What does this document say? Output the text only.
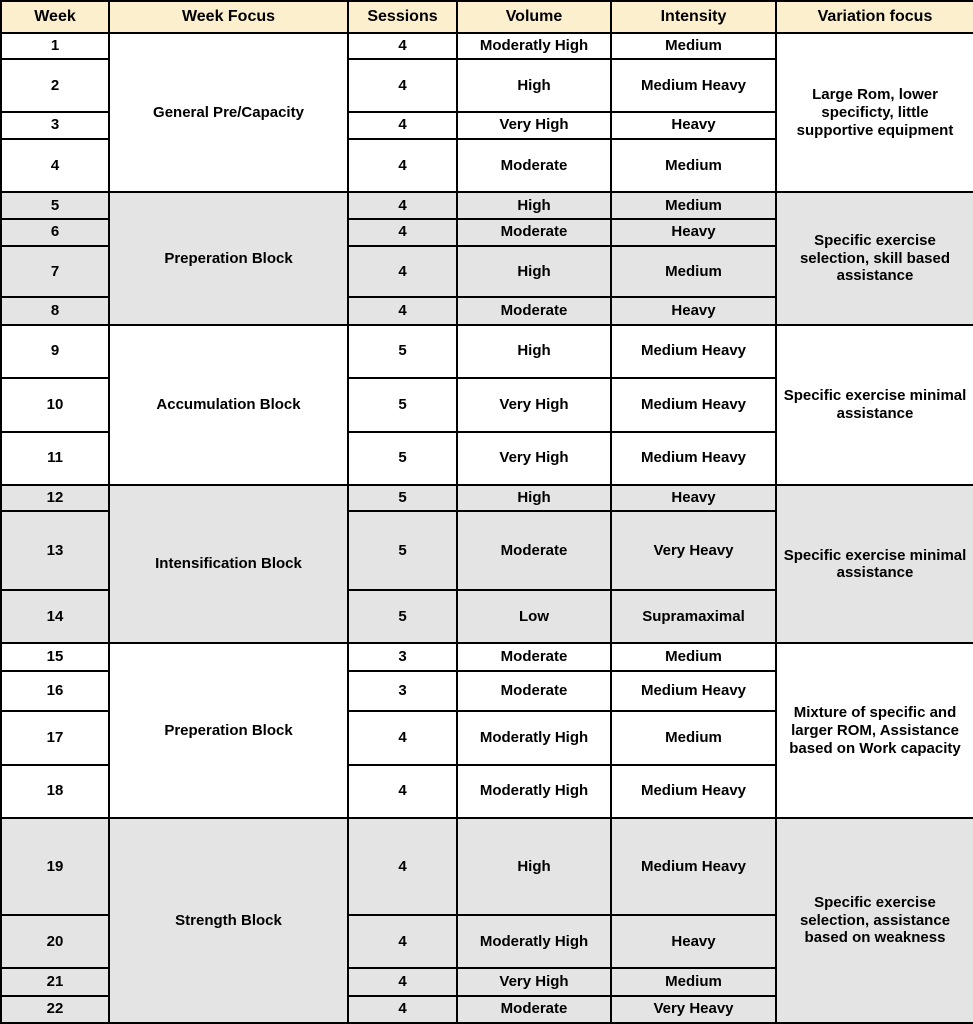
Week	Week Focus	Sessions	Volume	Intensity	Variation focus
1	General Pre/Capacity	4	Moderatly High	Medium	Large Rom, lower specificty, little supportive equipment
2		4	High	Medium Heavy	
3		4	Very High	Heavy	
4		4	Moderate	Medium	
5	Preperation Block	4	High	Medium	Specific exercise selection, skill based assistance
6		4	Moderate	Heavy	
7		4	High	Medium	
8		4	Moderate	Heavy	
9	Accumulation Block	5	High	Medium Heavy	Specific exercise minimal assistance
10		5	Very High	Medium Heavy	
11		5	Very High	Medium Heavy	
12	Intensification Block	5	High	Heavy	Specific exercise minimal assistance
13		5	Moderate	Very Heavy	
14		5	Low	Supramaximal	
15	Preperation Block	3	Moderate	Medium	Mixture of specific and larger ROM, Assistance based on Work capacity
16		3	Moderate	Medium Heavy	
17		4	Moderatly High	Medium	
18		4	Moderatly High	Medium Heavy	
19	Strength Block	4	High	Medium Heavy	Specific exercise selection, assistance based on weakness
20		4	Moderatly High	Heavy	
21		4	Very High	Medium	
22		4	Moderate	Very Heavy	
